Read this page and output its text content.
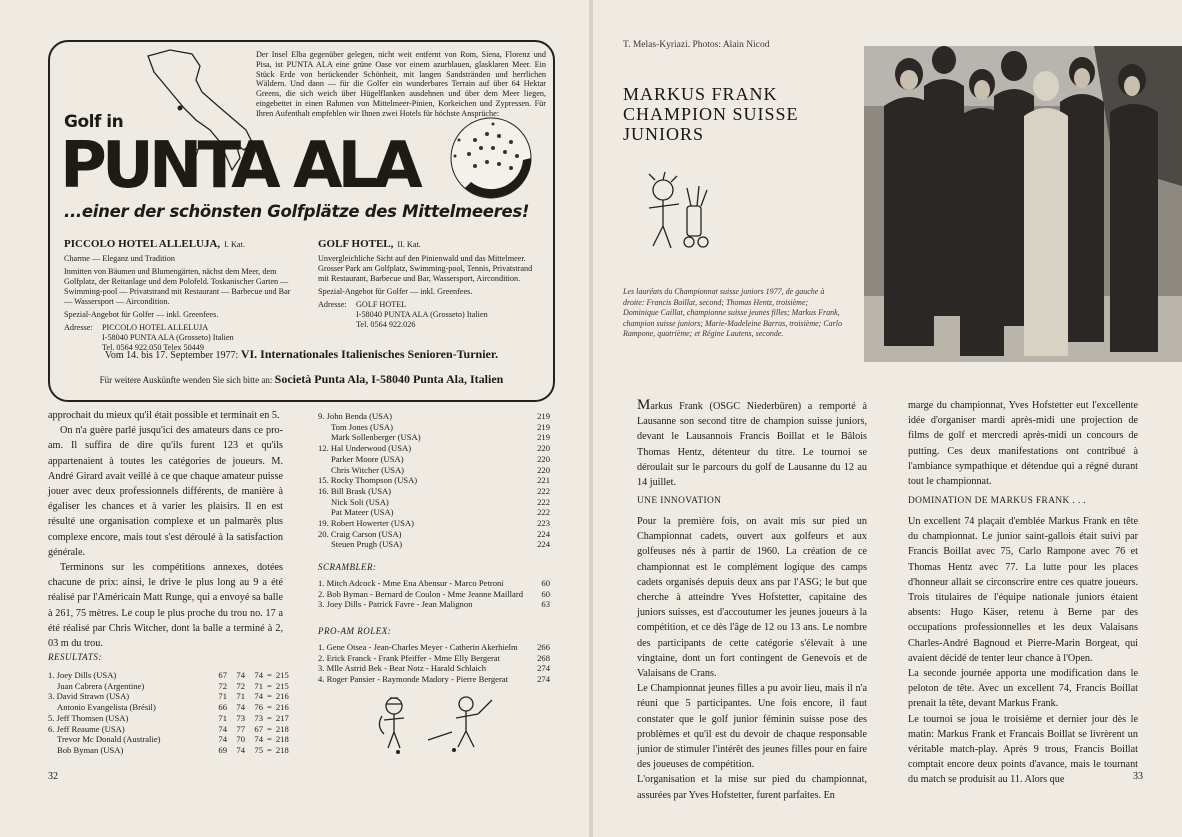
Der Insel Elba gegenüber gelegen, nicht weit entfernt von Rom, Siena, Florenz und Pisa, ist PUNTA ALA eine grüne Oase vor einem azurblauen, glasklaren Meer. Ein Stück Erde von berückender Schönheit, mit langen Sandstränden und herrlichen Wäldern. Und dann — für die Golfer ein wunderbares Terrain auf über 64 Hektar Greens, die sich weich über Hügelflanken ausdehnen und über dem Meer liegen, eingebettet in einen Rahmen von Mittelmeer-Pinien, Korkeichen und Zypressen. Für Ihren Aufenthalt empfehlen wir Ihnen zwei Hotels für höchste Ansprüche:
Golf in
PUNTA ALA
...einer der schönsten Golfplätze des Mittelmeeres!
PICCOLO HOTEL ALLELUJA, I. Kat.
Charme — Eleganz und Tradition
Inmitten von Bäumen und Blumengärten, nächst dem Meer, dem Golfplatz, der Reitanlage und dem Polofeld. Toskanischer Garten — Swimming-pool — Privatstrand mit Restaurant — Barbecue und Bar — Wassersport — Aircondition.
Spezial-Angebot für Golfer — inkl. Greenfees.
Adresse:	PICCOLO HOTEL ALLELUJA
I-58040 PUNTA ALA (Grosseto) Italien
Tel. 0564 922.050 Telex 50449
GOLF HOTEL, II. Kat.
Unvergleichliche Sicht auf den Pinienwald und das Mittelmeer. Grosser Park am Golfplatz, Swimming-pool, Tennis, Privatstrand mit Restaurant, Barbecue und Bar, Wassersport, Aircondition.
Spezial-Angebot für Golfer — inkl. Greenfees.
Adresse:	GOLF HOTEL
I-58040 PUNTA ALA (Grosseto) Italien
Tel. 0564 922.026
Vom 14. bis 17. September 1977: VI. Internationales Italienisches Senioren-Turnier.
Für weitere Auskünfte wenden Sie sich bitte an: Società Punta Ala, I-58040 Punta Ala, Italien
approchait du mieux qu'il était possible et terminait en 5.
On n'a guère parlé jusqu'ici des amateurs dans ce pro-am. Il suffira de dire qu'ils furent 123 et qu'ils appartenaient à toutes les catégories de joueurs. M. André Girard avait veillé à ce que chaque amateur puisse jouer avec deux professionnels différents, de manière à égaliser les chances et à varier les plaisirs. Il en est résulté une organisation complexe et un palmarès plus complexe encore, mais tout s'est déroulé à la satisfaction générale.
Terminons sur les compétitions annexes, dotées chacune de prix: ainsi, le drive le plus long au 9 a été réalisé par l'Américain Matt Runge, qui a envoyé sa balle à 261, 75 mètres. Le coup le plus proche du trou no. 17 a été réalisé par Chris Witcher, dont la balle a terminé à 2, 03 m du trou.
RESULTATS:
1. Joey Dills (USA)	67	74	74	=	215
Juan Cabrera (Argentine)	72	72	71	=	215
3. David Strawn (USA)	71	71	74	=	216
Antonio Evangelista (Brésil)	66	74	76	=	216
5. Jeff Thomsen (USA)	71	73	73	=	217
6. Jeff Reaume (USA)	74	77	67	=	218
Trevor Mc Donald (Australie)	74	70	74	=	218
Bob Byman (USA)	69	74	75	=	218
9. John Benda (USA)	219
Tom Jones (USA)	219
Mark Sollenberger (USA)	219
12. Hal Underwood (USA)	220
Parker Moore (USA)	220
Chris Witcher (USA)	220
15. Rocky Thompson (USA)	221
16. Bill Brask (USA)	222
Nick Soli (USA)	222
Pat Mateer (USA)	222
19. Robert Howerter (USA)	223
20. Craig Carson (USA)	224
Steuen Prugh (USA)	224
SCRAMBLER:
1. Mitch Adcock - Mme Ena Abensur - Marco Petroni	60
2. Bob Byman - Bernard de Coulon - Mme Jeanne Maillard	60
3. Joey Dills - Patrick Favre - Jean Malignon	63
PRO-AM ROLEX:
1. Gene Otsea - Jean-Charles Meyer - Catherin Akerhielm	266
2. Erick Franck - Frank Pfeiffer - Mme Elly Bergerat	268
3. Mlle Astrid Bek - Beat Notz - Harald Schlaich	274
4. Roger Pansier - Raymonde Madory - Pierre Bergerat	274
32
T. Melas-Kyriazi. Photos: Alain Nicod
MARKUS FRANK
CHAMPION SUISSE
JUNIORS
Les lauréats du Championnat suisse juniors 1977, de gauche à droite: Francis Boillat, second; Thomas Hentz, troisième; Dominique Caillat, championne suisse jeunes filles; Markus Frank, champion suisse juniors; Marie-Madeleine Barras, troisième; Carlo Rampone, quatrième; et Régine Lautens, seconde.
Markus Frank (OSGC Niederbüren) a remporté à Lausanne son second titre de champion suisse juniors, devant le Lausannois Francis Boillat et le Bâlois Thomas Hentz, détenteur du titre. Le tournoi se déroulait sur le parcours du golf de Lausanne du 12 au 14 juillet.
UNE INNOVATION
Pour la première fois, on avait mis sur pied un Championnat cadets, ouvert aux golfeurs et aux golfeuses nés à partir de 1960. La création de ce championnat est le complément logique des camps cadets organisés depuis deux ans par l'ASG; le but que cherche à atteindre Yves Hofstetter, capitaine des juniors suisses, est d'accoutumer les jeunes joueurs à la compétition, et ce dès l'âge de 12 ou 13 ans. Le nombre des participants de cette catégorie s'élevait à une vingtaine, dont un fort contingent de Genevois et de Valaisans de Crans.
Le Championnat jeunes filles a pu avoir lieu, mais il n'a réuni que 5 participantes. Une fois encore, il faut constater que le golf junior féminin suisse pose des problèmes et qu'il est du devoir de chaque responsable junior de stimuler l'intérêt des jeunes filles pour en faire des joueuses de compétition.
L'organisation et la mise sur pied du championnat, assurées par Yves Hofstetter, furent parfaites. En
marge du championnat, Yves Hofstetter eut l'excellente idée d'organiser mardi après-midi une projection de films de golf et mercredi après-midi un concours de putting. Ces deux manifestations ont contribué à l'ambiance sympathique et détendue qui a régné durant tout le championnat.
DOMINATION DE MARKUS FRANK . . .
Un excellent 74 plaçait d'emblée Markus Frank en tête du championnat. Le junior saint-gallois était suivi par Francis Boillat avec 75, Carlo Rampone avec 76 et Thomas Hentz avec 77. La lutte pour les places d'honneur allait se circonscrire entre ces quatre joueurs. Trois titulaires de l'équipe nationale juniors étaient absents: Hugo Käser, retenu à Berne par des occupations professionnelles et les deux Valaisans Charles-André Bagnoud et Pierre-Marin Borgeat, qui avaient décidé de tenter leur chance à l'Open.
La seconde journée apporta une modification dans le peloton de tête. Avec un excellent 74, Francis Boillat prenait la tête, devant Markus Frank.
Le tournoi se joua le troisième et dernier jour dès le matin: Markus Frank et Francais Boillat se livrèrent un véritable match-play. Après 9 trous, Francis Boillat comptait encore deux points d'avance, mais le tournant du match se produisit au 11. Alors que	33
